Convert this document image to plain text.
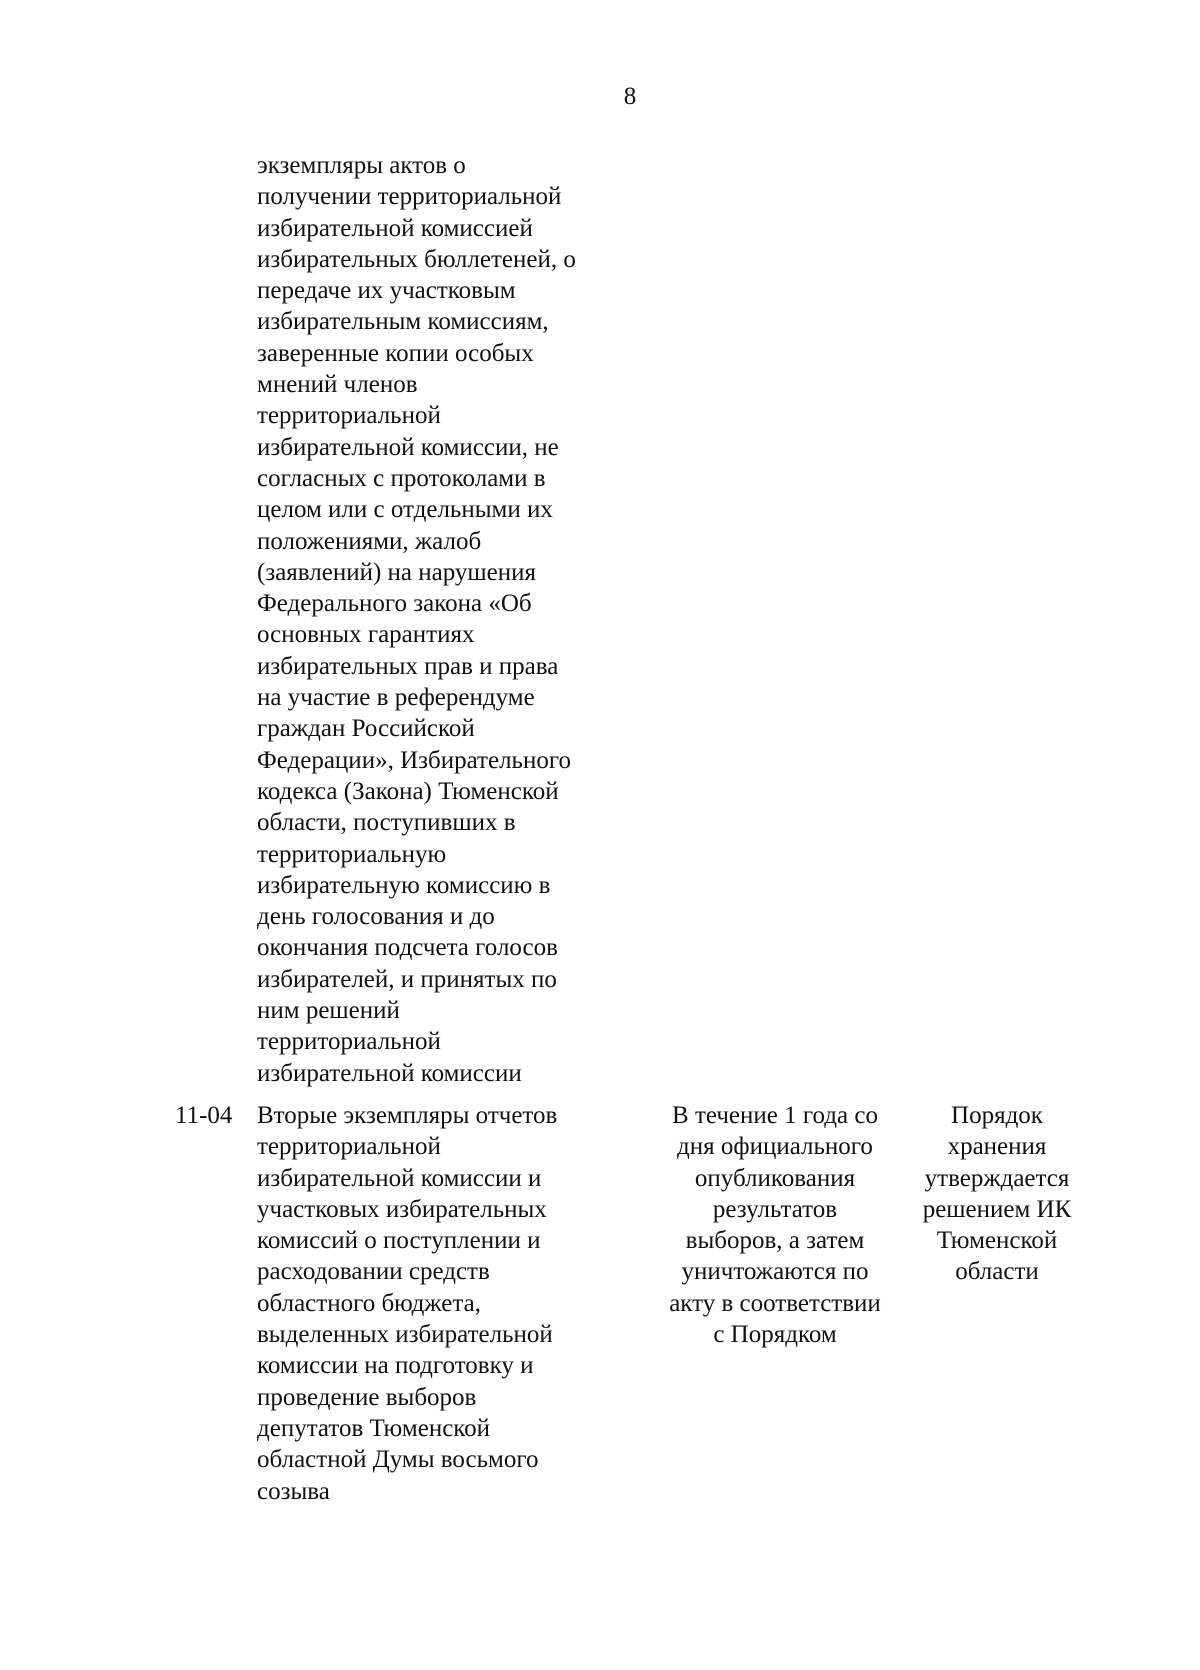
8
экземпляры актов о
получении территориальной
избирательной комиссией
избирательных бюллетеней, о
передаче их участковым
избирательным комиссиям,
заверенные копии особых
мнений членов
территориальной
избирательной комиссии, не
согласных с протоколами в
целом или с отдельными их
положениями, жалоб
(заявлений) на нарушения
Федерального закона «Об
основных гарантиях
избирательных прав и права
на участие в референдуме
граждан Российской
Федерации», Избирательного
кодекса (Закона) Тюменской
области, поступивших в
территориальную
избирательную комиссию в
день голосования и до
окончания подсчета голосов
избирателей, и принятых по
ним решений
территориальной
избирательной комиссии
11-04 Вторые экземпляры отчетов
территориальной
избирательной комиссии и
участковых избирательных
комиссий о поступлении и
расходовании средств
областного бюджета,
выделенных избирательной
комиссии на подготовку и
проведение выборов
депутатов Тюменской
областной Думы восьмого
созыва
В течение 1 года со
дня официального
опубликования
результатов
выборов, а затем
уничтожаются по
акту в соответствии
с Порядком
Порядок
хранения
утверждается
решением ИК
Тюменской
области
